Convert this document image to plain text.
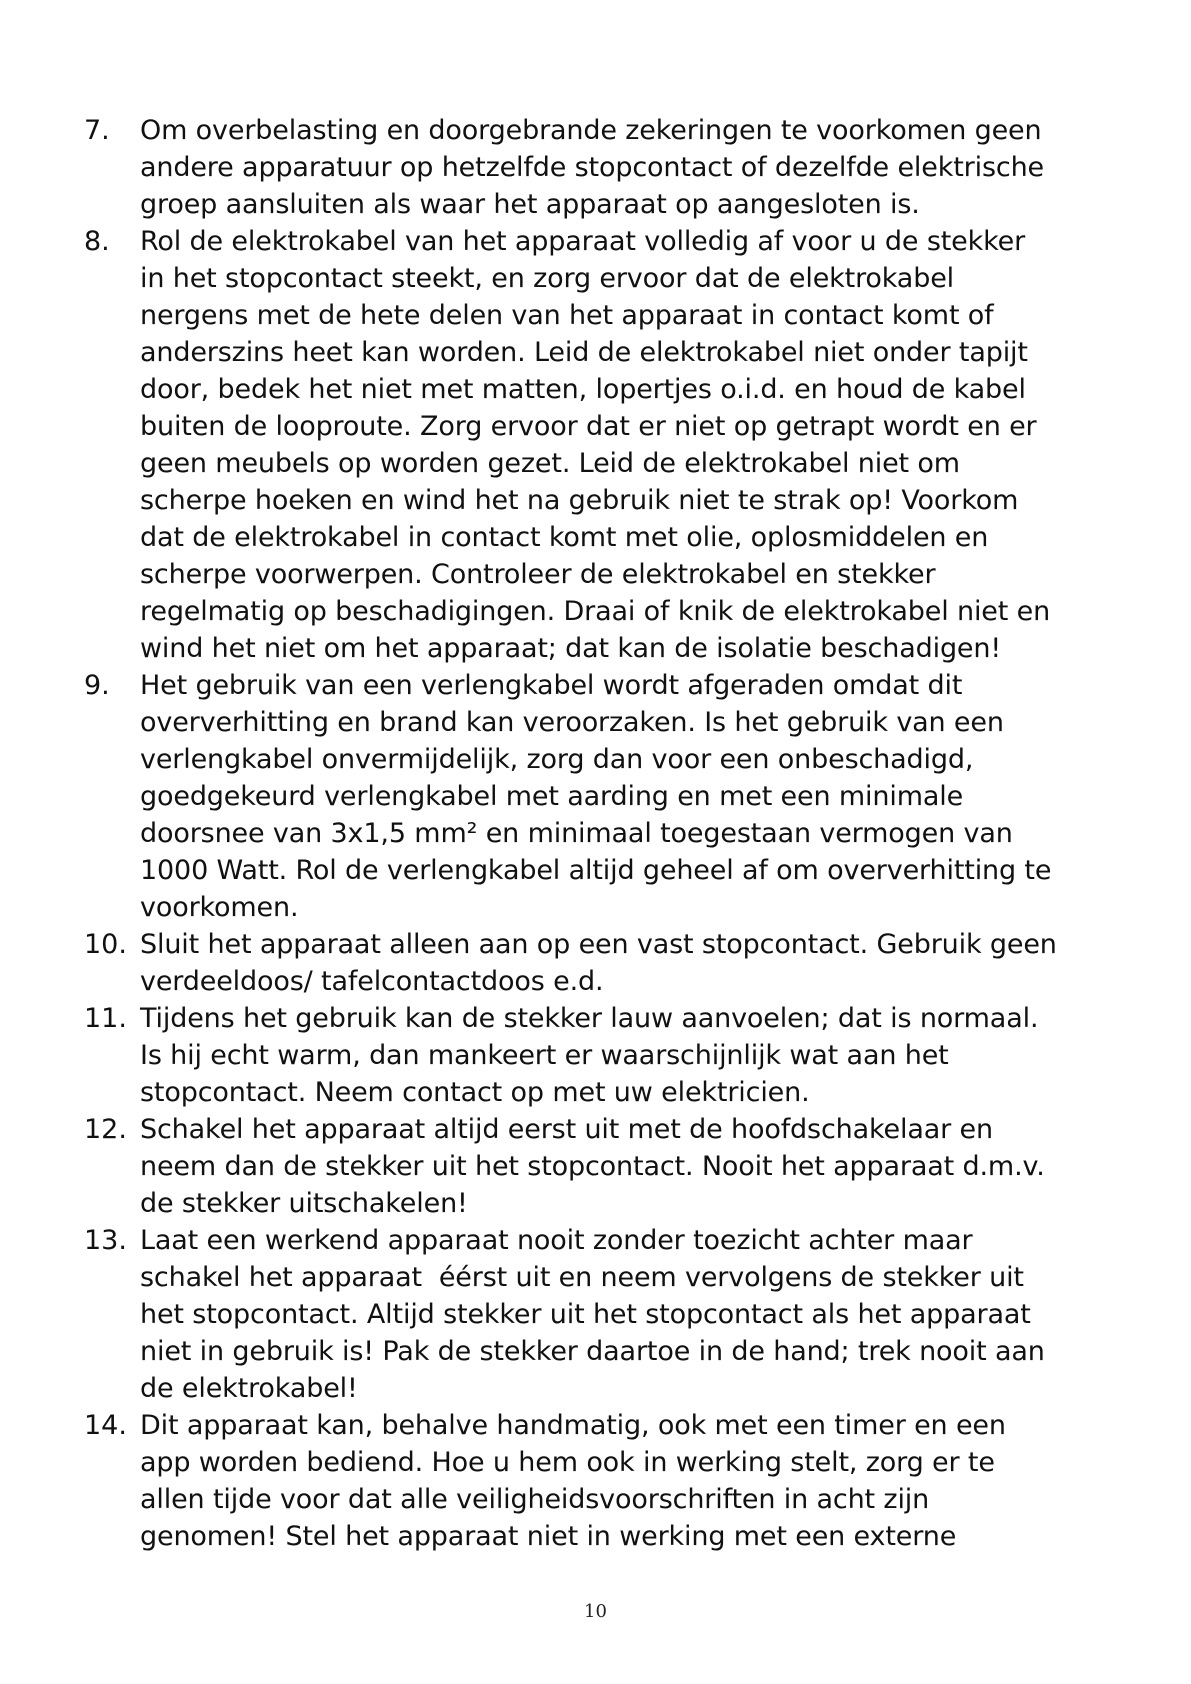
7.	Om overbelasting en doorgebrande zekeringen te voorkomen geen
andere apparatuur op hetzelfde stopcontact of dezelfde elektrische
groep aansluiten als waar het apparaat op aangesloten is.
8.	Rol de elektrokabel van het apparaat volledig af voor u de stekker
in het stopcontact steekt, en zorg ervoor dat de elektrokabel
nergens met de hete delen van het apparaat in contact komt of
anderszins heet kan worden. Leid de elektrokabel niet onder tapijt
door, bedek het niet met matten, lopertjes o.i.d. en houd de kabel
buiten de looproute. Zorg ervoor dat er niet op getrapt wordt en er
geen meubels op worden gezet. Leid de elektrokabel niet om
scherpe hoeken en wind het na gebruik niet te strak op! Voorkom
dat de elektrokabel in contact komt met olie, oplosmiddelen en
scherpe voorwerpen. Controleer de elektrokabel en stekker
regelmatig op beschadigingen. Draai of knik de elektrokabel niet en
wind het niet om het apparaat; dat kan de isolatie beschadigen!
9.	Het gebruik van een verlengkabel wordt afgeraden omdat dit
oververhitting en brand kan veroorzaken. Is het gebruik van een
verlengkabel onvermijdelijk, zorg dan voor een onbeschadigd,
goedgekeurd verlengkabel met aarding en met een minimale
doorsnee van 3x1,5 mm² en minimaal toegestaan vermogen van
1000 Watt. Rol de verlengkabel altijd geheel af om oververhitting te
voorkomen.
10. Sluit het apparaat alleen aan op een vast stopcontact. Gebruik geen
verdeeldoos/ tafelcontactdoos e.d.
11. Tijdens het gebruik kan de stekker lauw aanvoelen; dat is normaal.
Is hij echt warm, dan mankeert er waarschijnlijk wat aan het
stopcontact. Neem contact op met uw elektricien.
12. Schakel het apparaat altijd eerst uit met de hoofdschakelaar en
neem dan de stekker uit het stopcontact. Nooit het apparaat d.m.v.
de stekker uitschakelen!
13. Laat een werkend apparaat nooit zonder toezicht achter maar
schakel het apparaat  éérst uit en neem vervolgens de stekker uit
het stopcontact. Altijd stekker uit het stopcontact als het apparaat
niet in gebruik is! Pak de stekker daartoe in de hand; trek nooit aan
de elektrokabel!
14. Dit apparaat kan, behalve handmatig, ook met een timer en een
app worden bediend. Hoe u hem ook in werking stelt, zorg er te
allen tijde voor dat alle veiligheidsvoorschriften in acht zijn
genomen! Stel het apparaat niet in werking met een externe
10
